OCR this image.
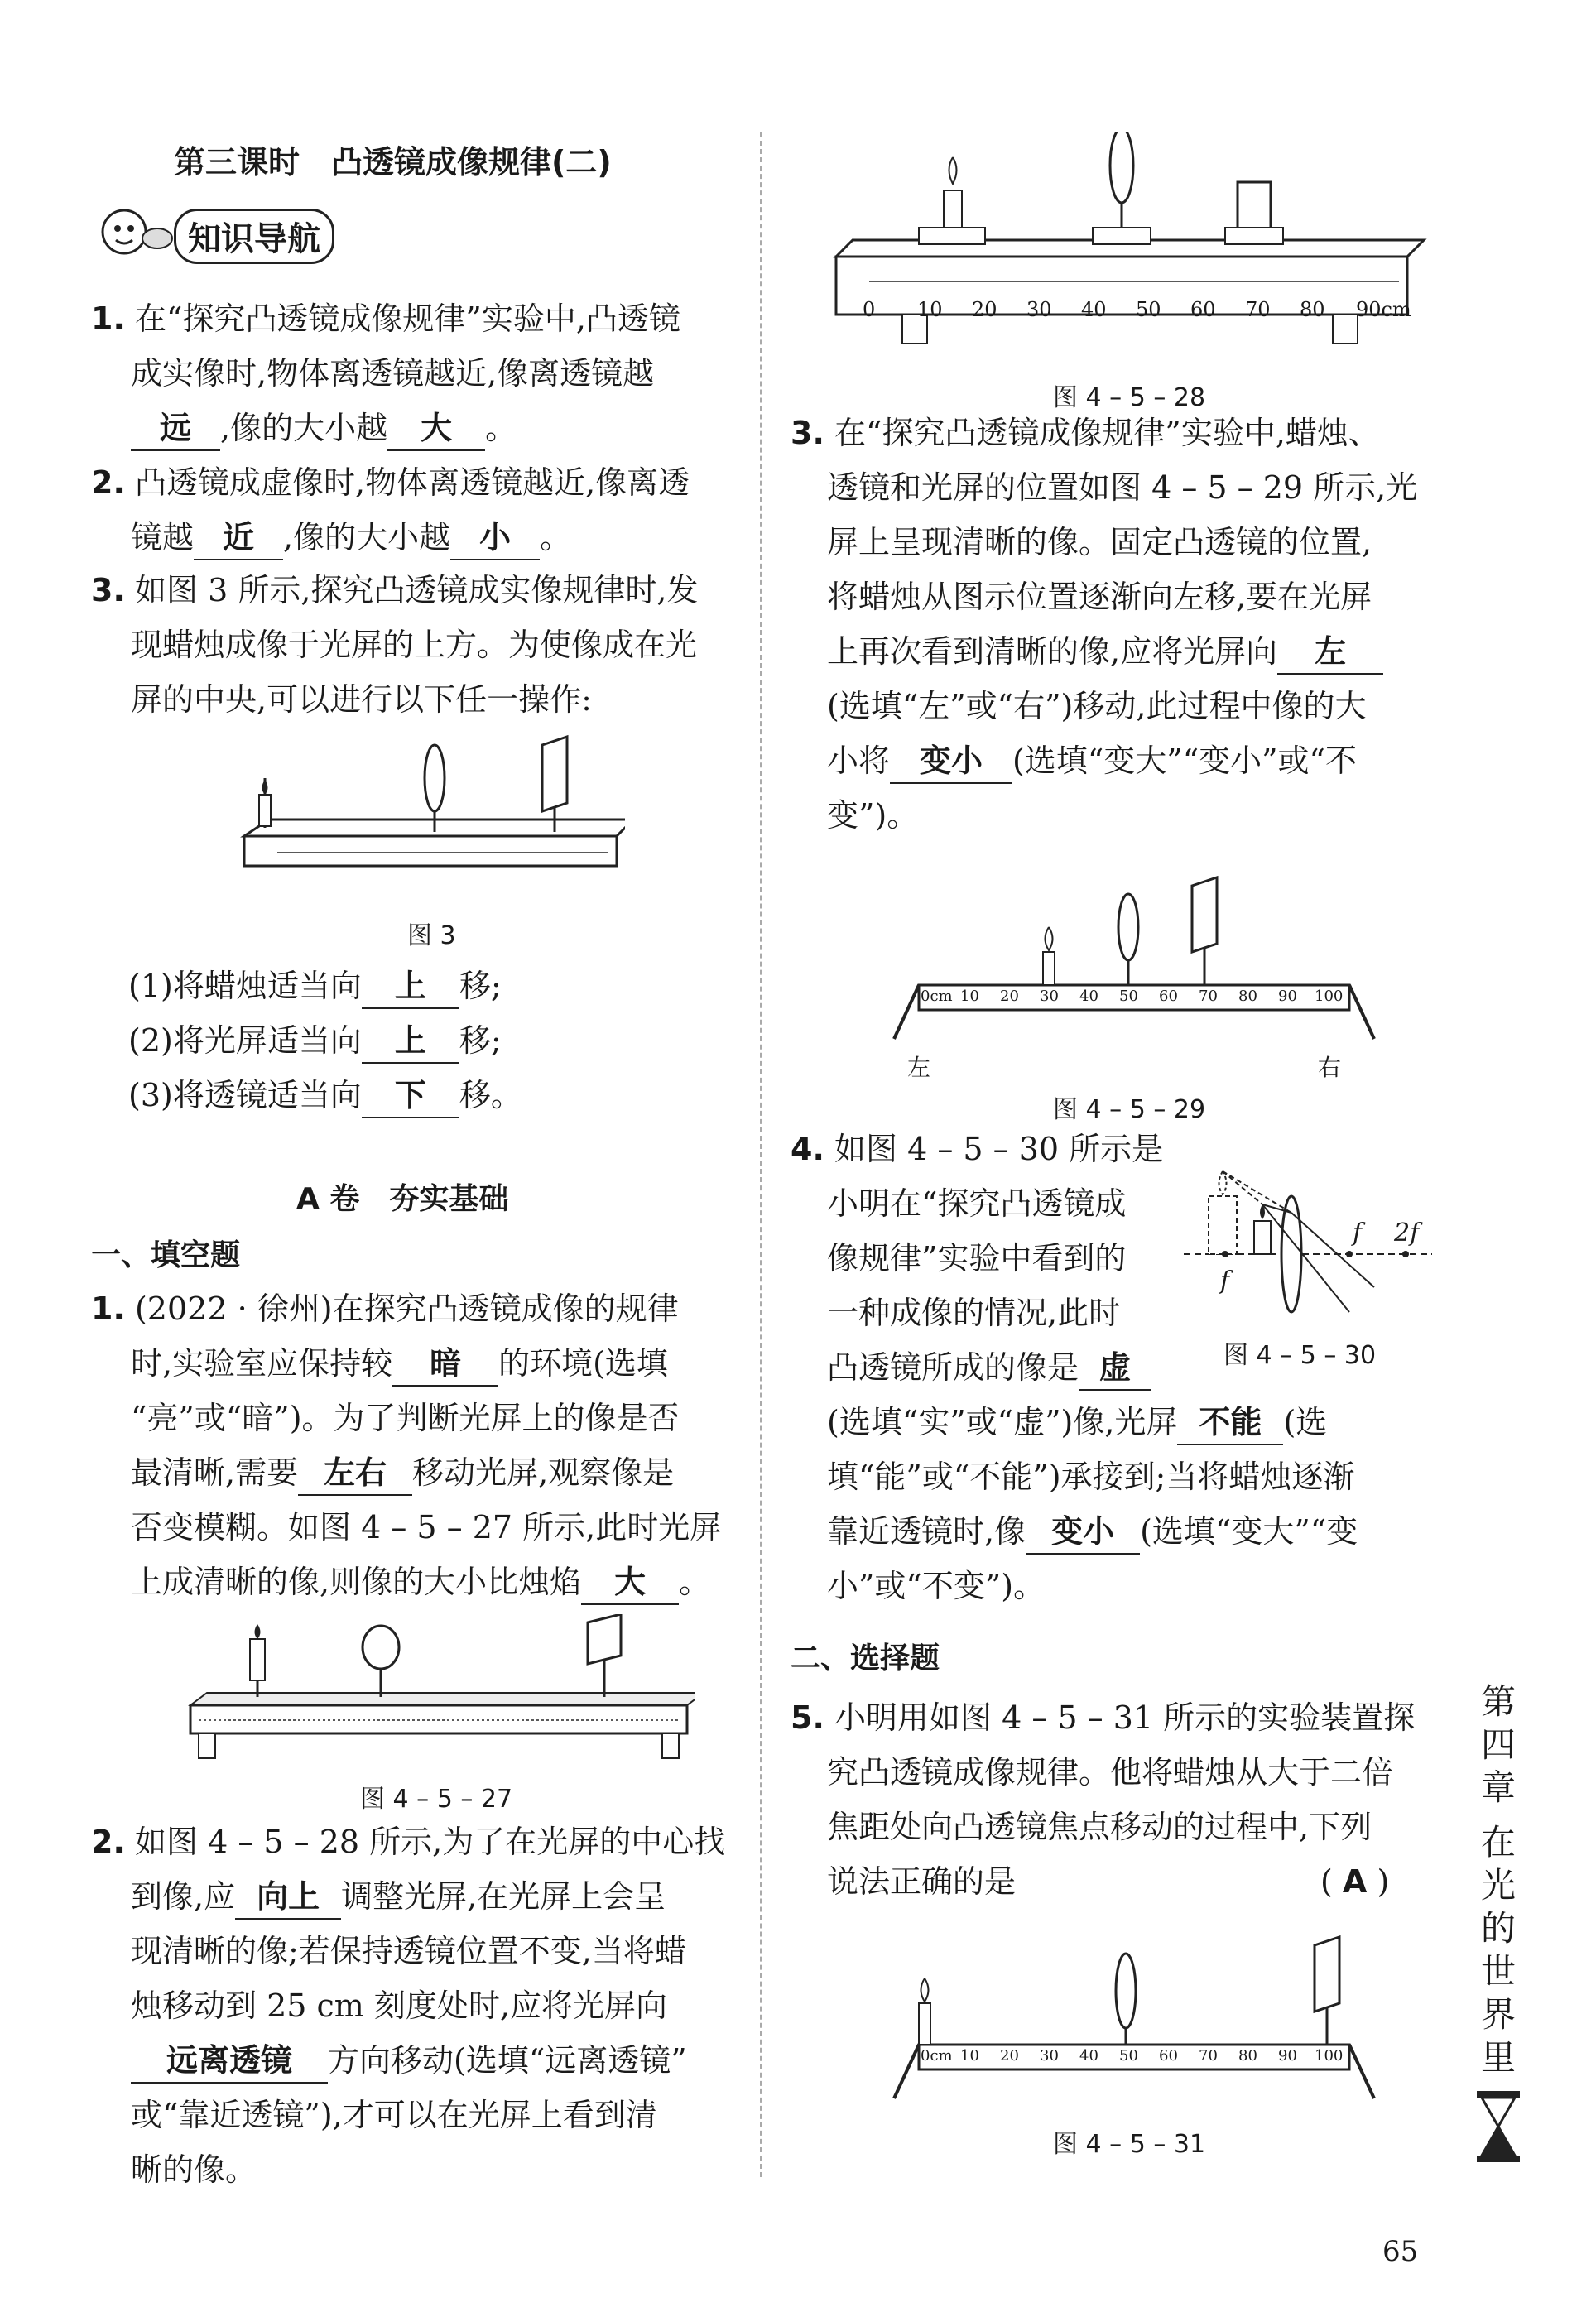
第三课时　凸透镜成像规律(二)
知识导航
1. 在“探究凸透镜成像规律”实验中,凸透镜
成实像时,物体离透镜越近,像离透镜越
远 ,像的大小越 大 。
2. 凸透镜成虚像时,物体离透镜越近,像离透
镜越 近 ,像的大小越 小 。
3. 如图 3 所示,探究凸透镜成实像规律时,发
现蜡烛成像于光屏的上方。为使像成在光
屏的中央,可以进行以下任一操作:
图 3
(1)将蜡烛适当向 上 移;
(2)将光屏适当向 上 移;
(3)将透镜适当向 下 移。
A 卷　夯实基础
一、填空题
1. (2022 · 徐州)在探究凸透镜成像的规律
时,实验室应保持较 暗 的环境(选填
“亮”或“暗”)。为了判断光屏上的像是否
最清晰,需要 左右 移动光屏,观察像是
否变模糊。如图 4 – 5 – 27 所示,此时光屏
上成清晰的像,则像的大小比烛焰 大 。
图 4 – 5 – 27
2. 如图 4 – 5 – 28 所示,为了在光屏的中心找
到像,应 向上 调整光屏,在光屏上会呈
现清晰的像;若保持透镜位置不变,当将蜡
烛移动到 25 cm 刻度处时,应将光屏向
远离透镜 方向移动(选填“远离透镜”
或“靠近透镜”),才可以在光屏上看到清
晰的像。
0 10 20 30 40 50 60 70 80 90cm
图 4 – 5 – 28
3. 在“探究凸透镜成像规律”实验中,蜡烛、
透镜和光屏的位置如图 4 – 5 – 29 所示,光
屏上呈现清晰的像。固定凸透镜的位置,
将蜡烛从图示位置逐渐向左移,要在光屏
上再次看到清晰的像,应将光屏向 左
(选填“左”或“右”)移动,此过程中像的大
小将 变小 (选填“变大”“变小”或“不
变”)。
0cm 10 20 30 40 50 60 70 80 90 100
左	右
图 4 – 5 – 29
4. 如图 4 – 5 – 30 所示是
小明在“探究凸透镜成
像规律”实验中看到的
一种成像的情况,此时
凸透镜所成的像是 虚
f 2f
f
图 4 – 5 – 30
(选填“实”或“虚”)像,光屏 不能 (选
填“能”或“不能”)承接到;当将蜡烛逐渐
靠近透镜时,像 变小 (选填“变大”“变
小”或“不变”)。
二、选择题
5. 小明用如图 4 – 5 – 31 所示的实验装置探
究凸透镜成像规律。他将蜡烛从大于二倍
焦距处向凸透镜焦点移动的过程中,下列
说法正确的是	( A )
0cm 10 20 30 40 50 60 70 80 90 100
图 4 – 5 – 31
第
四
章
在
光
的
世
界
里
65
